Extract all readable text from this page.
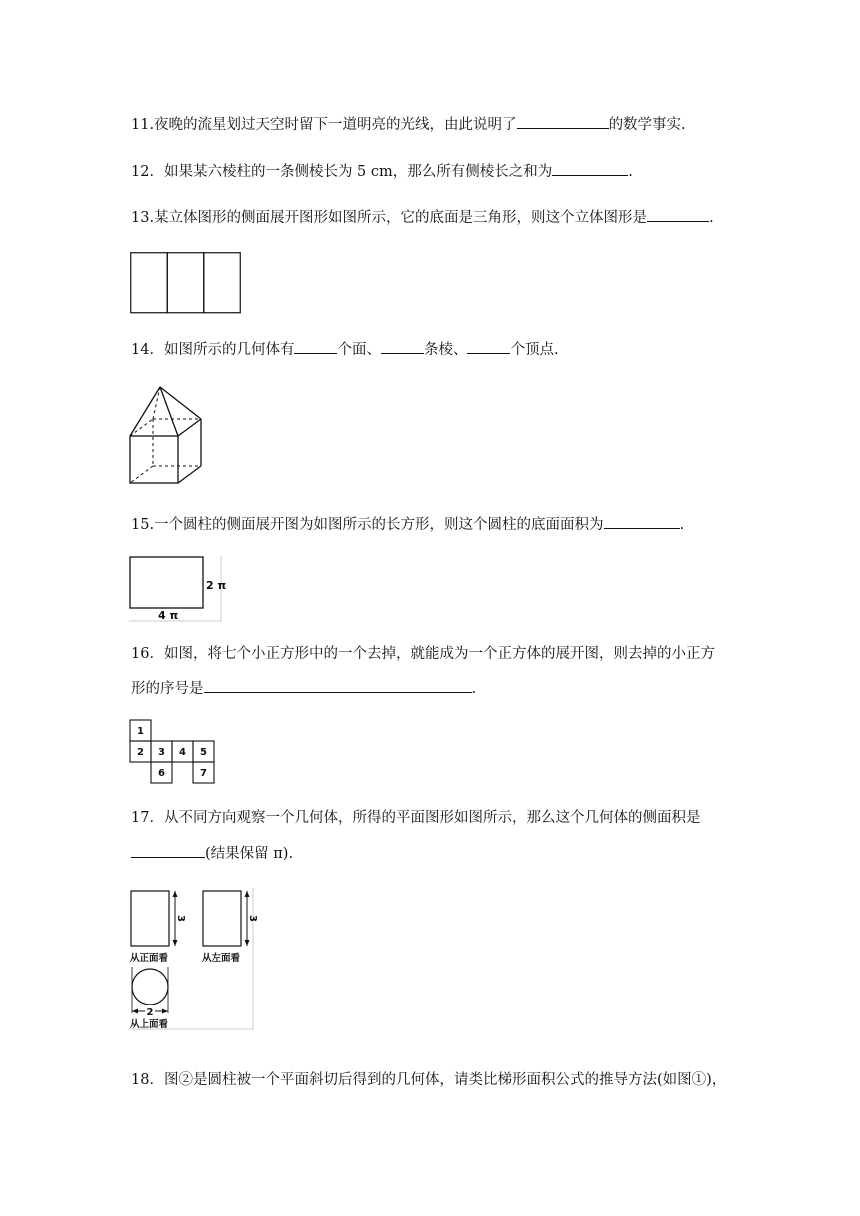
11.夜晚的流星划过天空时留下一道明亮的光线，由此说明了	的数学事实.
12．如果某六棱柱的一条侧棱长为 5 cm，那么所有侧棱长之和为	.
13.某立体图形的侧面展开图形如图所示，它的底面是三角形，则这个立体图形是	.
14．如图所示的几何体有	个面、	条棱、	个顶点.
15.一个圆柱的侧面展开图为如图所示的长方形，则这个圆柱的底面面积为	.
2 π
4 π
16．如图，将七个小正方形中的一个去掉，就能成为一个正方体的展开图，则去掉的小正方
形的序号是	.
1
2 3 4 5
6	7
17．从不同方向观察一个几何体，所得的平面图形如图所示，那么这个几何体的侧面积是
(结果保留 π).
3
从正面看
3
从左面看
2
从上面看
18．图②是圆柱被一个平面斜切后得到的几何体，请类比梯形面积公式的推导方法(如图①)，
